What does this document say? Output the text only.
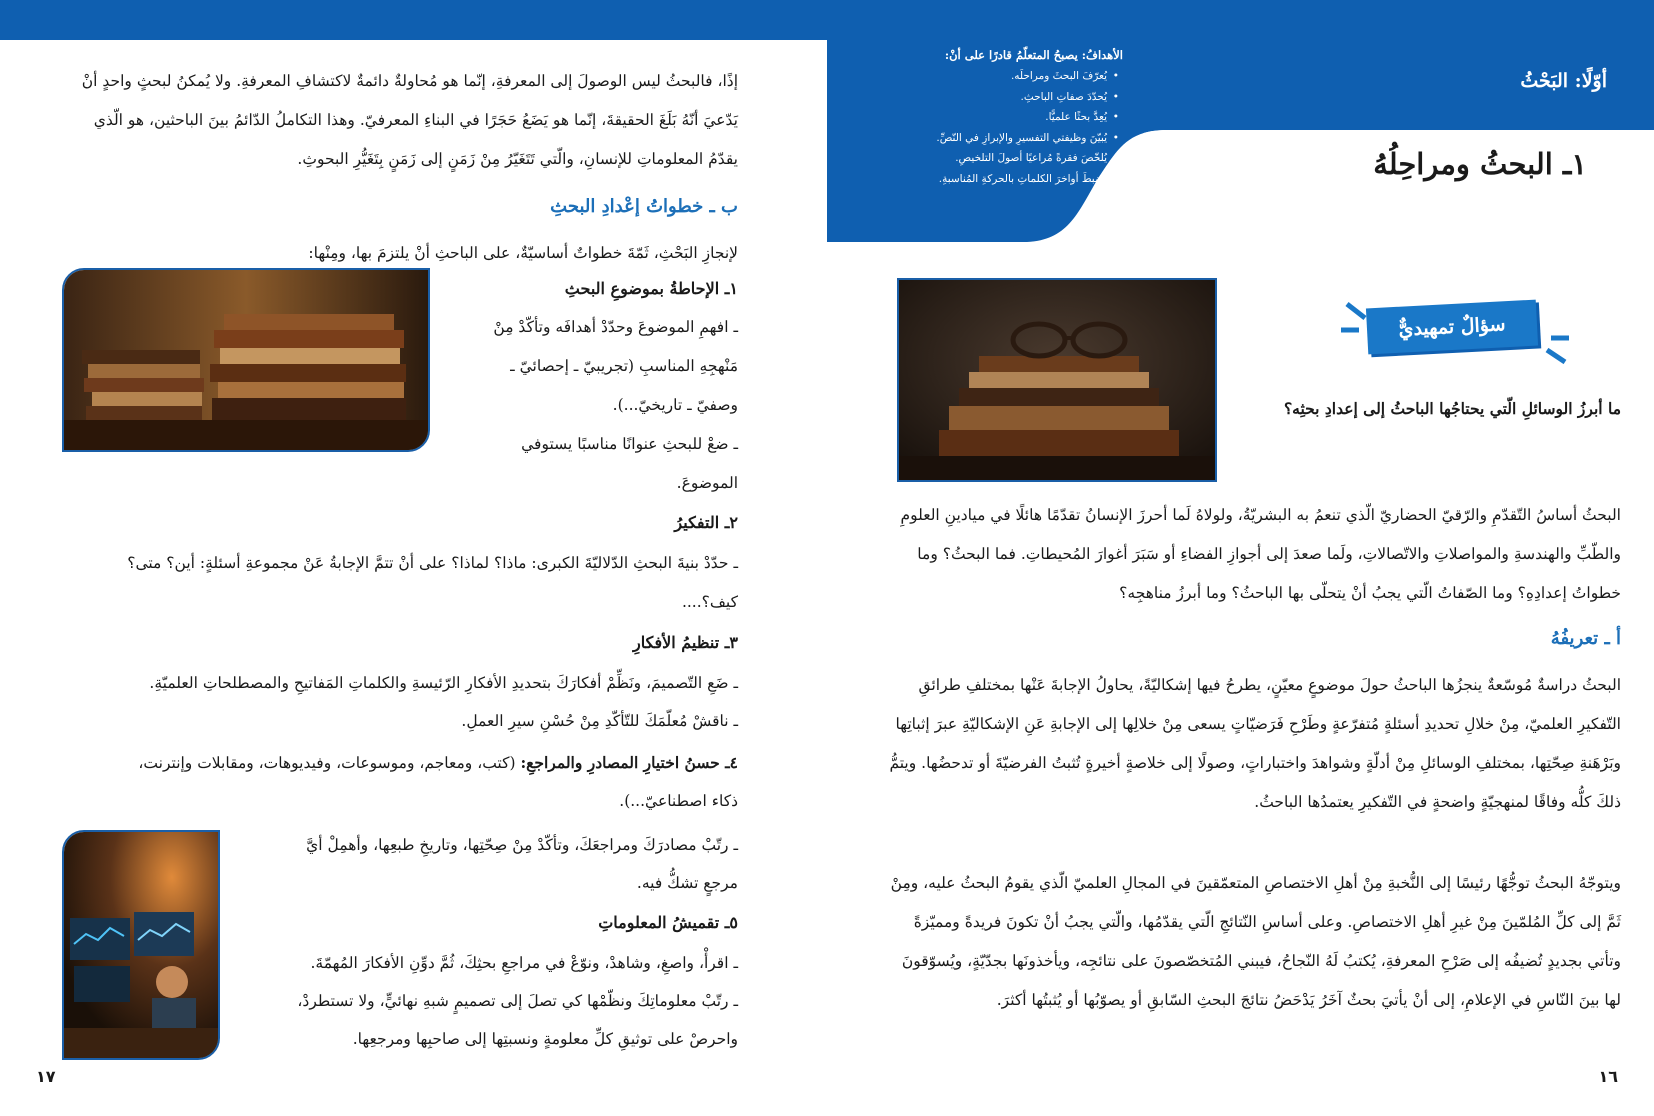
إذًا، فالبحثُ ليس الوصولَ إلى المعرفةِ، إنّما هو مُحاولةٌ دائمةٌ لاكتشافِ المعرفةِ. ولا يُمكنُ لبحثٍ واحدٍ أنْ يَدّعيَ أنّهُ بَلَغَ الحقيقةَ، إنّما هو يَضَعُ حَجَرًا في البناءِ المعرفيّ. وهذا التكاملُ الدّائمُ بينَ الباحثين، هو الّذي يقدّمُ المعلوماتِ للإنسانِ، والّتي تَتَغَيّرُ مِنْ زَمَنٍ إلى زَمَنٍ بِتَغَيُّرِ البحوثِ.

ب ـ خطواتُ إعْدادِ البحثِ

لإنجازِ البَحْثِ، ثَمّةَ خطواتٌ أساسيّةٌ، على الباحثِ أنْ يلتزمَ بها، ومِنْها:

١ـ الإحاطةُ بموضوعِ البحثِ
ـ افهمِ الموضوعَ وحدّدْ أهدافَه وتأكّدْ مِنْ
مَنْهجِهِ المناسبِ (تجريبيّ ـ إحصائيّ ـ
وصفيّ ـ تاريخيّ...).
ـ ضعْ للبحثِ عنوانًا مناسبًا يستوفي
الموضوعَ.
٢ـ التفكيرُ
ـ حدّدْ بنيةَ البحثِ الدّلاليّةَ الكبرى: ماذا؟ لماذا؟ على أنْ تتمَّ الإجابةُ عَنْ مجموعةِ أسئلةٍ: أين؟ متى؟
كيف؟....
٣ـ تنظيمُ الأفكارِ
ـ ضَعِ التّصميمَ، ونَظِّمْ أفكارَكَ بتحديدِ الأفكارِ الرّئيسةِ والكلماتِ المَفاتيحِ والمصطلحاتِ العلميّةِ.
ـ ناقشْ مُعلّمَكَ للتّأكّدِ مِنْ حُسْنِ سيرِ العملِ.
٤ـ حسنُ اختيارِ المصادرِ والمراجعِ: (كتب، ومعاجم، وموسوعات، وفيديوهات، ومقابلات وإنترنت،
ذكاء اصطناعيّ...).
ـ رتّبْ مصادرَكَ ومراجعَكَ، وتأكّدْ مِنْ صِحّتِها، وتاريخِ طبعِها، وأهمِلْ أيَّ
مرجعٍ تشكُّ فيه.
٥ـ تقميشُ المعلوماتِ
ـ اقرأْ، واصغِ، وشاهدْ، ونوّعْ في مراجعِ بحثِكَ، ثُمَّ دوِّنِ الأفكارَ المُهمّةَ.
ـ رتّبْ معلوماتِكَ ونظّمْها كي تصلَ إلى تصميمٍ شبهِ نهائيٍّ، ولا تستطردْ،
واحرصْ على توثيقِ كلِّ معلومةٍ ونسبتِها إلى صاحبِها ومرجعِها.
١٧
أوّلًا: البَحْثُ
الأهدافُ: يصبحُ المتعلّمُ قادرًا على أنْ:
• يُعرّفَ البحثَ ومراحلَه.
• يُحدّدَ صفاتِ الباحثِ.
• يُعِدَّ بحثًا علميًّا.
• يُبيّنَ وظيفتي التفسيرِ والإبرازِ في النّصِّ.
• يُلخّصَ فقرةً مُراعيًا أصولَ التلخيصِ.
• يَضبطَ أواخرَ الكلماتِ بالحركةِ المُناسبةِ.	١ـ البحثُ ومراحِلُهُ
سؤالٌ تمهيديٌّ
ما أبرزُ الوسائلِ الّتي يحتاجُها الباحثُ إلى إعدادِ بحثِه؟

البحثُ أساسُ التّقدّمِ والرّقيّ الحضاريّ الّذي تنعمُ به البشريّةُ، ولولاهُ لَما أحرزَ الإنسانُ تقدّمًا هائلًا في ميادينِ العلومِ والطّبِّ والهندسةِ والمواصلاتِ والاتّصالاتِ، ولَما صعدَ إلى أجوازِ الفضاءِ أو سَبَرَ أغوارَ المُحيطاتِ. فما البحثُ؟ وما خطواتُ إعدادِهِ؟ وما الصّفاتُ الّتي يجبُ أنْ يتحلّى بها الباحثُ؟ وما أبرزُ مناهجِه؟

أ ـ تعريفُهُ

البحثُ دراسةٌ مُوسّعةٌ ينجزُها الباحثُ حولَ موضوعٍ معيّنٍ، يطرحُ فيها إشكاليّةً، يحاولُ الإجابةَ عَنْها بمختلفِ طرائقِ التّفكيرِ العلميّ، مِنْ خلالِ تحديدِ أسئلةٍ مُتفرّعةٍ وطَرْحِ فَرَضيّاتٍ يسعى مِنْ خلالِها إلى الإجابةِ عَنِ الإشكاليّةِ عبرَ إثباتِها وبَرْهَنةِ صِحّتِها، بمختلفِ الوسائلِ مِنْ أدلّةٍ وشواهدَ واختباراتٍ، وصولًا إلى خلاصةٍ أخيرةٍ تُثبتُ الفرضيّةَ أو تدحضُها. ويتمُّ ذلكَ كلُّه وفاقًا لمنهجيّةٍ واضحةٍ في التّفكيرِ يعتمدُها الباحثُ.

ويتوجّهُ البحثُ توجُّهًا رئيسًا إلى النُّخبةِ مِنْ أهلِ الاختصاصِ المتعمّقينَ في المجالِ العلميّ الّذي يقومُ البحثُ عليه، ومِنْ ثَمَّ إلى كلِّ المُلمّينَ مِنْ غيرِ أهلِ الاختصاصِ. وعلى أساسِ النّتائجِ الّتي يقدّمُها، والّتي يجبُ أنْ تكونَ فريدةً ومميّزةً وتأتي بجديدٍ تُضيفُه إلى صَرْحِ المعرفةِ، يُكتبُ لَهُ النّجاحُ، فيبني المُتخصّصونَ على نتائجِه، ويأخذونَها بجدّيّةٍ، ويُسوّقونَ لها بينَ النّاسِ في الإعلامِ، إلى أنْ يأتيَ بحثٌ آخَرُ يَدْحَضُ نتائجَ البحثِ السّابقِ أو يصوّبُها أو يُثبتُها أكثرَ.

١٦
